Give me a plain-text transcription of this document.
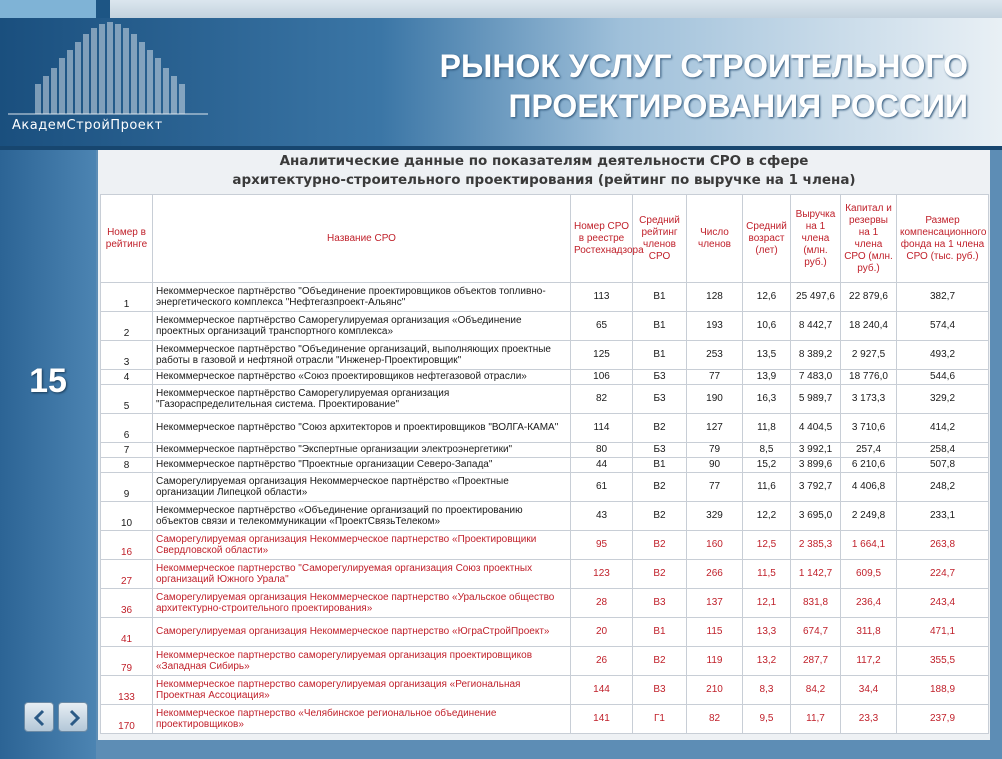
АкадемСтройПроект
РЫНОК УСЛУГ СТРОИТЕЛЬНОГО
ПРОЕКТИРОВАНИЯ РОССИИ
15
Аналитические данные по показателям деятельности СРО в сфере
архитектурно-строительного проектирования (рейтинг по выручке на 1 члена)
Номер в рейтинге	Название СРО	Номер СРО в реестре Ростехнадзора	Средний рейтинг членов СРО	Число членов	Средний возраст (лет)	Выручка на 1 члена (млн. руб.)	Капитал и резервы на 1 члена СРО (млн. руб.)	Размер компенсационного фонда на 1 члена СРО (тыс. руб.)
1	Некоммерческое партнёрство "Объединение проектировщиков объектов топливно-энергетического комплекса "Нефтегазпроект-Альянс"	113	В1	128	12,6	25 497,6	22 879,6	382,7
2	Некоммерческое партнёрство Саморегулируемая организация «Объединение проектных организаций транспортного комплекса»	65	В1	193	10,6	8 442,7	18 240,4	574,4
3	Некоммерческое партнёрство "Объединение организаций, выполняющих проектные работы в газовой и нефтяной отрасли "Инженер-Проектировщик"	125	В1	253	13,5	8 389,2	2 927,5	493,2
4	Некоммерческое партнёрство «Союз проектировщиков нефтегазовой отрасли»	106	Б3	77	13,9	7 483,0	18 776,0	544,6
5	Некоммерческое партнёрство Саморегулируемая организация "Газораспределительная система. Проектирование"	82	Б3	190	16,3	5 989,7	3 173,3	329,2
6	Некоммерческое партнёрство "Союз архитекторов и проектировщиков "ВОЛГА-КАМА"	114	В2	127	11,8	4 404,5	3 710,6	414,2
7	Некоммерческое партнёрство "Экспертные организации электроэнергетики"	80	Б3	79	8,5	3 992,1	257,4	258,4
8	Некоммерческое партнёрство "Проектные организации Северо-Запада"	44	В1	90	15,2	3 899,6	6 210,6	507,8
9	Саморегулируемая организация Некоммерческое партнёрство «Проектные организации Липецкой области»	61	В2	77	11,6	3 792,7	4 406,8	248,2
10	Некоммерческое партнёрство «Объединение организаций по проектированию объектов связи и телекоммуникации «ПроектСвязьТелеком»	43	В2	329	12,2	3 695,0	2 249,8	233,1
16	Саморегулируемая организация Некоммерческое партнерство «Проектировщики Свердловской области»	95	В2	160	12,5	2 385,3	1 664,1	263,8
27	Некоммерческое партнерство "Саморегулируемая организация Союз проектных организаций Южного Урала"	123	В2	266	11,5	1 142,7	609,5	224,7
36	Саморегулируемая организация Некоммерческое партнерство «Уральское общество архитектурно-строительного проектирования»	28	В3	137	12,1	831,8	236,4	243,4
41	Саморегулируемая организация Некоммерческое партнерство «ЮграСтройПроект»	20	В1	115	13,3	674,7	311,8	471,1
79	Некоммерческое партнерство саморегулируемая организация проектировщиков «Западная Сибирь»	26	В2	119	13,2	287,7	117,2	355,5
133	Некоммерческое партнерство саморегулируемая организация «Региональная Проектная Ассоциация»	144	В3	210	8,3	84,2	34,4	188,9
170	Некоммерческое партнерство «Челябинское региональное объединение проектировщиков»	141	Г1	82	9,5	11,7	23,3	237,9
